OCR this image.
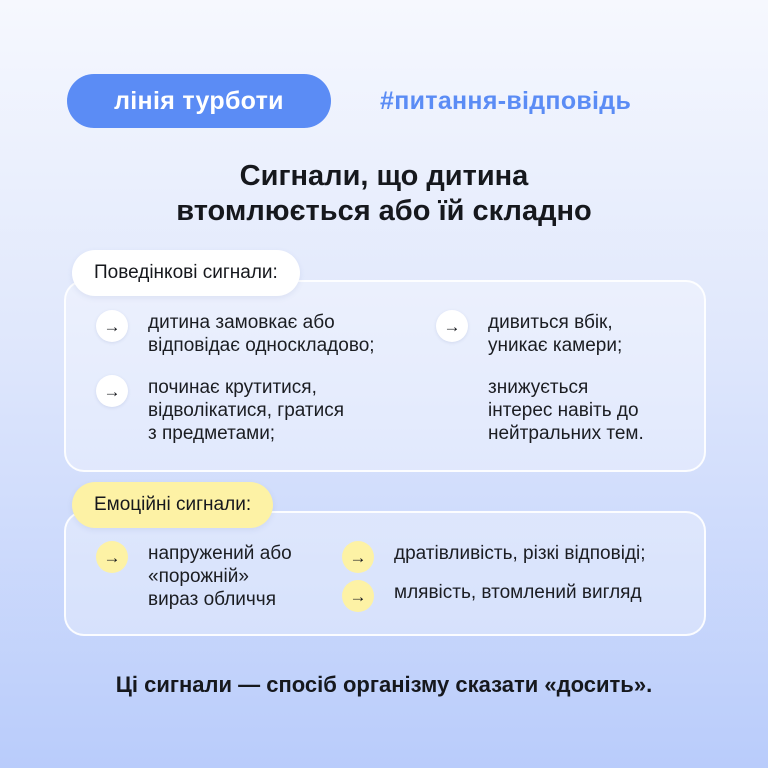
лінія турботи	#питання-відповідь
Сигнали, що дитина
втомлюється або їй складно
Поведінкові сигнали:
→	дитина замовкає або
відповідає односкладово;
→	починає крутитися,
відволікатися, гратися
з предметами;
→	дивиться вбік,
уникає камери;
знижується
інтерес навіть до
нейтральних тем.
Емоційні сигнали:
→	напружений або
«порожній»
вираз обличчя
→	дратівливість, різкі відповіді;
→	млявість, втомлений вигляд
Ці сигнали — спосіб організму сказати «досить».
